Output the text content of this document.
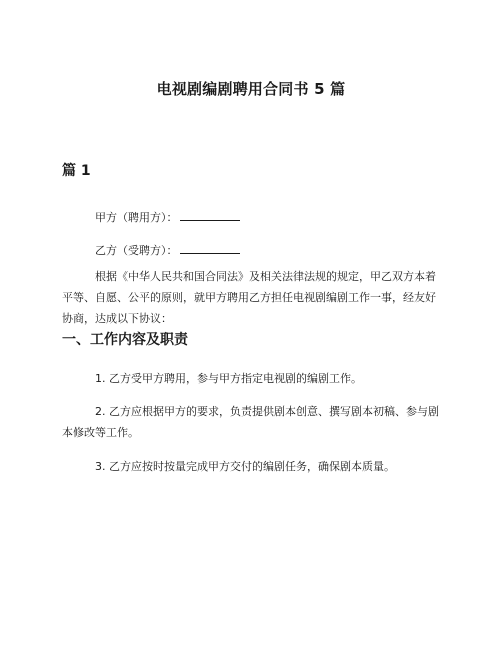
电视剧编剧聘用合同书 5 篇
篇 1

甲方（聘用方）：

乙方（受聘方）：

根据《中华人民共和国合同法》及相关法律法规的规定，甲乙双方本着平等、自愿、公平的原则，就甲方聘用乙方担任电视剧编剧工作一事，经友好协商，达成以下协议：

一、工作内容及职责

1. 乙方受甲方聘用，参与甲方指定电视剧的编剧工作。

2. 乙方应根据甲方的要求，负责提供剧本创意、撰写剧本初稿、参与剧本修改等工作。

3. 乙方应按时按量完成甲方交付的编剧任务，确保剧本质量。
